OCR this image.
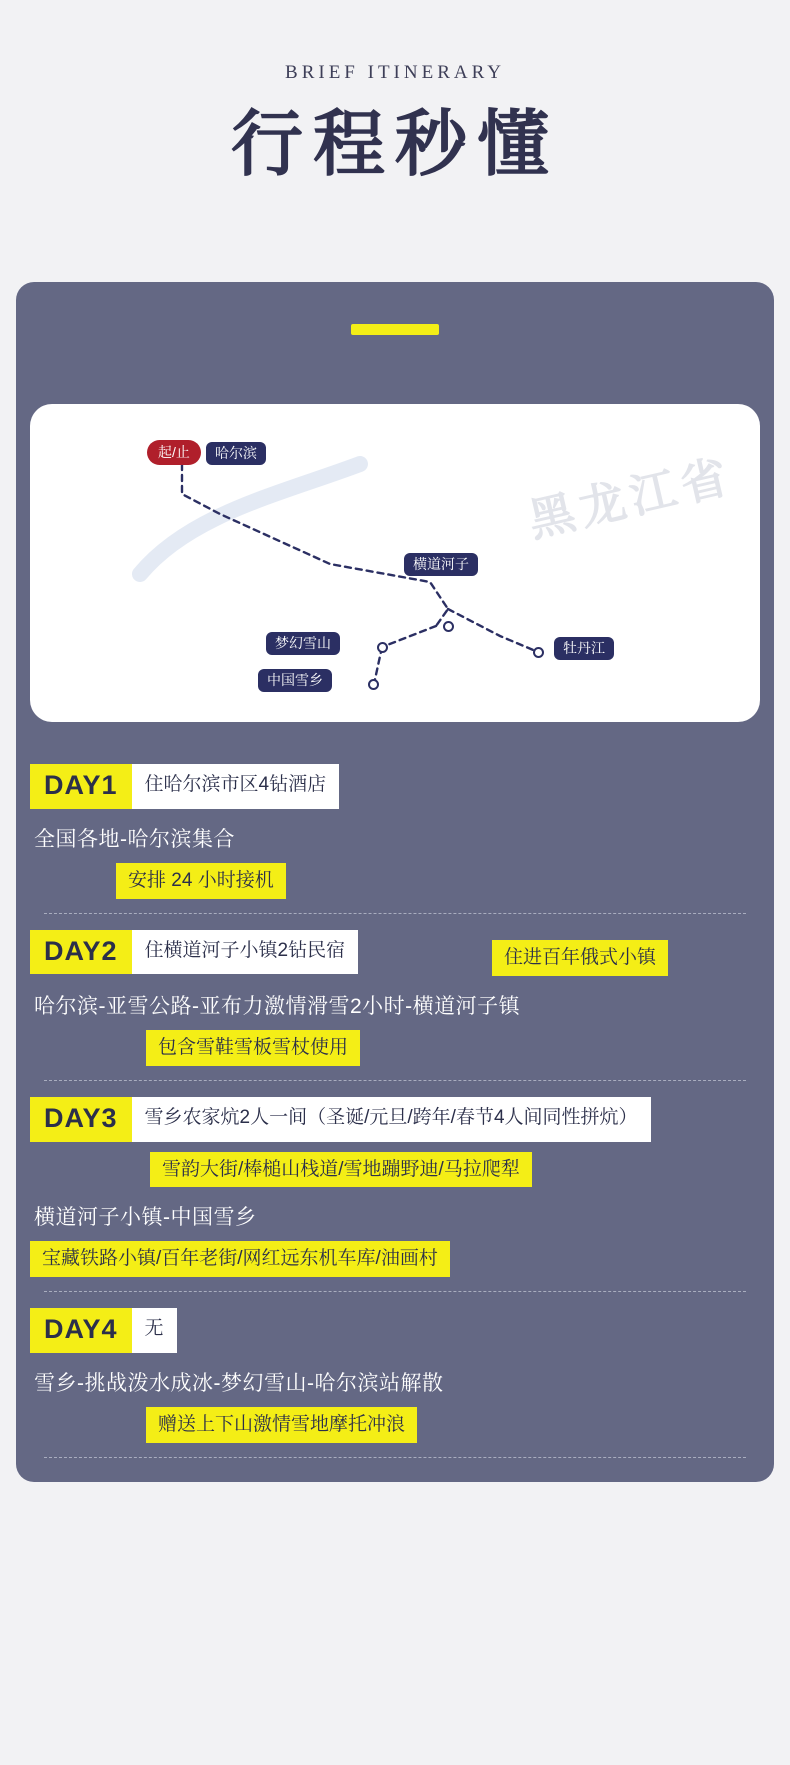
BRIEF ITINERARY
行程秒懂
黑龙江省
起/止	哈尔滨
横道河子
梦幻雪山
中国雪乡
牡丹江
DAY1	住哈尔滨市区4钻酒店
全国各地-哈尔滨集合
安排 24 小时接机
DAY2	住横道河子小镇2钻民宿	住进百年俄式小镇
哈尔滨-亚雪公路-亚布力激情滑雪2小时-横道河子镇
包含雪鞋雪板雪杖使用
DAY3	雪乡农家炕2人一间（圣诞/元旦/跨年/春节4人间同性拼炕）
雪韵大街/棒槌山栈道/雪地蹦野迪/马拉爬犁
横道河子小镇-中国雪乡
宝藏铁路小镇/百年老街/网红远东机车库/油画村
DAY4	无
雪乡-挑战泼水成冰-梦幻雪山-哈尔滨站解散
赠送上下山激情雪地摩托冲浪
